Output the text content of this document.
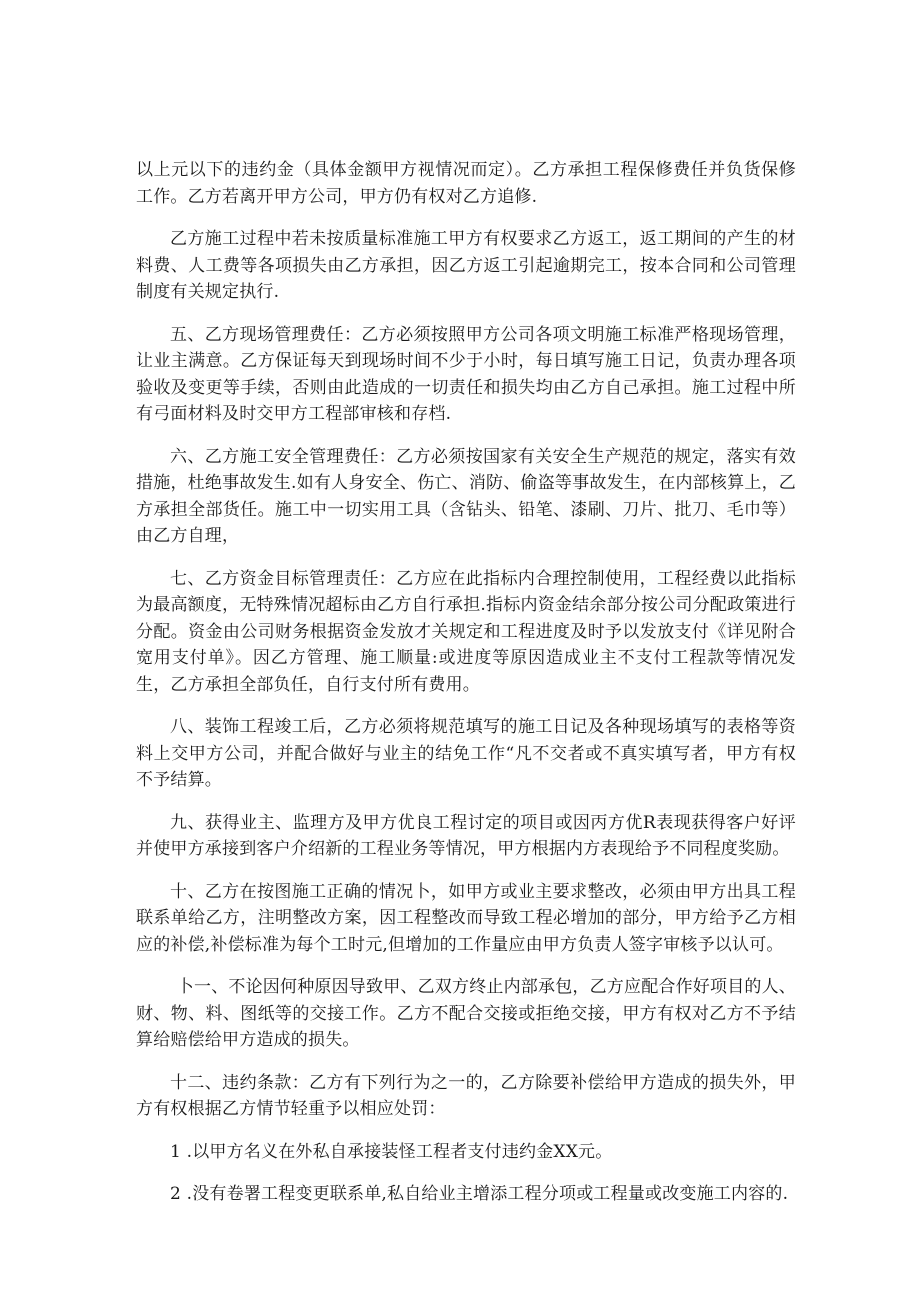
以上元以下的违约金（具体金额甲方视情况而定）。乙方承担工程保修费任并负货保修工作。乙方若离开甲方公司，甲方仍有权对乙方追修.

乙方施工过程中若未按质量标准施工甲方有权要求乙方返工，返工期间的产生的材料费、人工费等各项损失由乙方承担，因乙方返工引起逾期完工，按本合同和公司管理制度有关规定执行.

五、乙方现场管理费任：乙方必须按照甲方公司各项文明施工标准严格现场管理，让业主满意。乙方保证每天到现场时间不少于小时，每日填写施工日记，负责办理各项验收及变更等手续，否则由此造成的一切责任和损失均由乙方自己承担。施工过程中所有弓面材料及时交甲方工程部审核和存档.

六、乙方施工安全管理费任：乙方必须按国家有关安全生产规范的规定，落实有效措施，杜绝事故发生.如有人身安全、伤亡、消防、偷盗等事故发生，在内部核算上，乙方承担全部货任。施工中一切实用工具（含钻头、铅笔、漆刷、刀片、批刀、毛巾等）由乙方自理，

七、乙方资金目标管理责任：乙方应在此指标内合理控制使用，工程经费以此指标为最高额度，无特殊情况超标由乙方自行承担.指标内资金结余部分按公司分配政策进行分配。资金由公司财务根据资金发放才关规定和工程进度及时予以发放支付《详见附合宽用支付单》。因乙方管理、施工顺量:或进度等原因造成业主不支付工程款等情况发生，乙方承担全部负任，自行支付所有费用。

八、装饰工程竣工后，乙方必须将规范填写的施工日记及各种现场填写的表格等资料上交甲方公司，并配合做好与业主的结免工作“凡不交者或不真实填写者，甲方有权不予结算。

九、获得业主、监理方及甲方优良工程讨定的项目或因丙方优R表现获得客户好评并使甲方承接到客户介绍新的工程业务等情况，甲方根据内方表现给予不同程度奖励。

十、乙方在按图施工正确的情况卜，如甲方或业主要求整改，必须由甲方出具工程联系单给乙方，注明整改方案，因工程整改而导致工程必增加的部分，甲方给予乙方相应的补偿,补偿标准为每个工时元,但增加的工作量应由甲方负责人签字审核予以认可。

卜一、不论因何种原因导致甲、乙双方终止内部承包，乙方应配合作好项目的人、财、物、料、图纸等的交接工作。乙方不配合交接或拒绝交接，甲方有权对乙方不予结算给赔偿给甲方造成的损失。

十二、违约条款：乙方有下列行为之一的，乙方除要补偿给甲方造成的损失外，甲方有权根据乙方情节轻重予以相应处罚：

1 .以甲方名义在外私自承接装怪工程者支付违约金XX元。

2 .没有卷署工程变更联系单,私自给业主增添工程分项或工程量或改变施工内容的.
